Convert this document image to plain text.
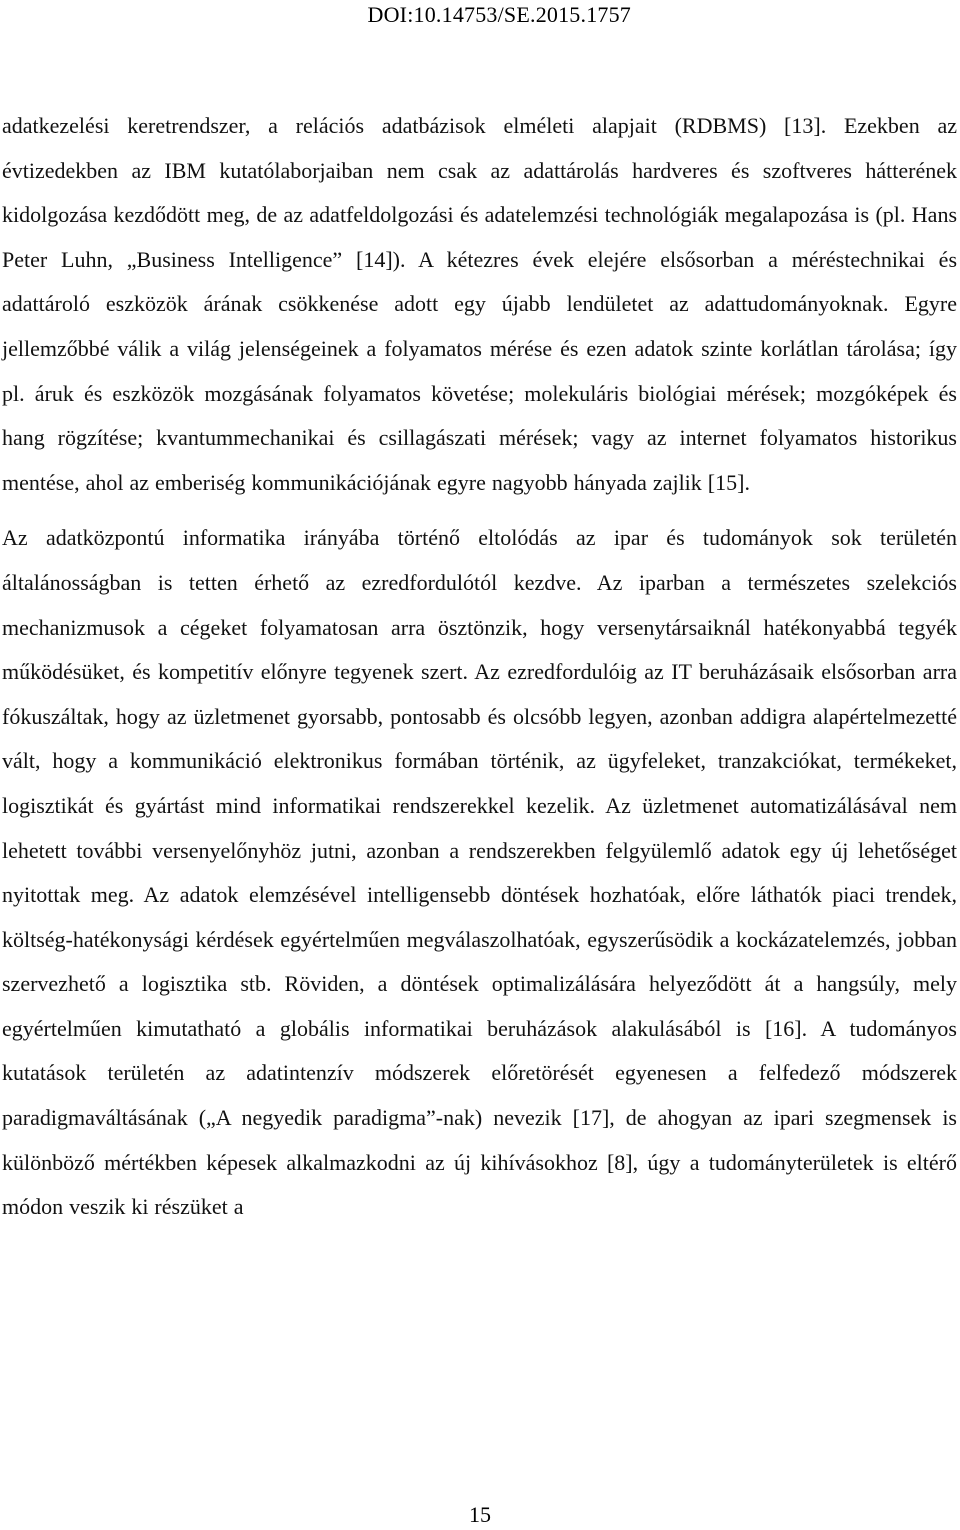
DOI:10.14753/SE.2015.1757

adatkezelési keretrendszer, a relációs adatbázisok elméleti alapjait (RDBMS) [13]. Ezekben az évtizedekben az IBM kutatólaborjaiban nem csak az adattárolás hardveres és szoftveres hátterének kidolgozása kezdődött meg, de az adatfeldolgozási és adatelemzési technológiák megalapozása is (pl. Hans Peter Luhn, „Business Intelligence” [14]). A kétezres évek elejére elsősorban a méréstechnikai és adattároló eszközök árának csökkenése adott egy újabb lendületet az adattudományoknak. Egyre jellemzőbbé válik a világ jelenségeinek a folyamatos mérése és ezen adatok szinte korlátlan tárolása; így pl. áruk és eszközök mozgásának folyamatos követése; molekuláris biológiai mérések; mozgóképek és hang rögzítése; kvantummechanikai és csillagászati mérések; vagy az internet folyamatos historikus mentése, ahol az emberiség kommunikációjának egyre nagyobb hányada zajlik [15].

Az adatközpontú informatika irányába történő eltolódás az ipar és tudományok sok területén általánosságban is tetten érhető az ezredfordulótól kezdve. Az iparban a természetes szelekciós mechanizmusok a cégeket folyamatosan arra ösztönzik, hogy versenytársaiknál hatékonyabbá tegyék működésüket, és kompetitív előnyre tegyenek szert. Az ezredfordulóig az IT beruházásaik elsősorban arra fókuszáltak, hogy az üzletmenet gyorsabb, pontosabb és olcsóbb legyen, azonban addigra alapértelmezetté vált, hogy a kommunikáció elektronikus formában történik, az ügyfeleket, tranzakciókat, termékeket, logisztikát és gyártást mind informatikai rendszerekkel kezelik. Az üzletmenet automatizálásával nem lehetett további versenyelőnyhöz jutni, azonban a rendszerekben felgyülemlő adatok egy új lehetőséget nyitottak meg. Az adatok elemzésével intelligensebb döntések hozhatóak, előre láthatók piaci trendek, költség-hatékonysági kérdések egyértelműen megválaszolhatóak, egyszerűsödik a kockázatelemzés, jobban szervezhető a logisztika stb. Röviden, a döntések optimalizálására helyeződött át a hangsúly, mely egyértelműen kimutatható a globális informatikai beruházások alakulásából is [16]. A tudományos kutatások területén az adatintenzív módszerek előretörését egyenesen a felfedező módszerek paradigmaváltásának („A negyedik paradigma”-nak) nevezik [17], de ahogyan az ipari szegmensek is különböző mértékben képesek alkalmazkodni az új kihívásokhoz [8], úgy a tudományterületek is eltérő módon veszik ki részüket a

15
